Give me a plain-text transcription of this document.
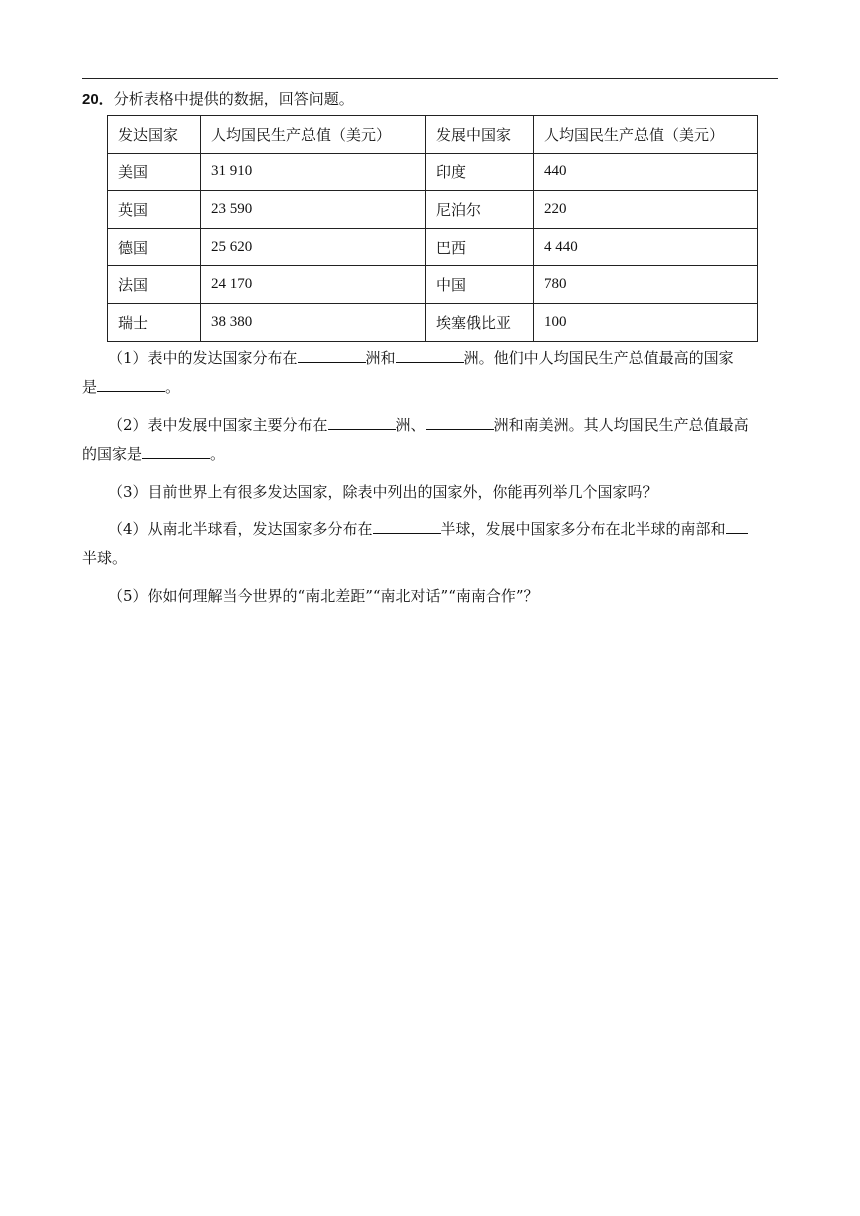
20．分析表格中提供的数据，回答问题。
发达国家	人均国民生产总值（美元）	发展中国家	人均国民生产总值（美元）
美国	31 910	印度	440
英国	23 590	尼泊尔	220
德国	25 620	巴西	4 440
法国	24 170	中国	780
瑞士	38 380	埃塞俄比亚	100
（1）表中的发达国家分布在	洲和	洲。他们中人均国民生产总值最高的国家
是	。
（2）表中发展中国家主要分布在	洲、	洲和南美洲。其人均国民生产总值最高
的国家是	。
（3）目前世界上有很多发达国家，除表中列出的国家外，你能再列举几个国家吗？
（4）从南北半球看，发达国家多分布在	半球，发展中国家多分布在北半球的南部和
半球。
（5）你如何理解当今世界的“南北差距”“南北对话”“南南合作”？
